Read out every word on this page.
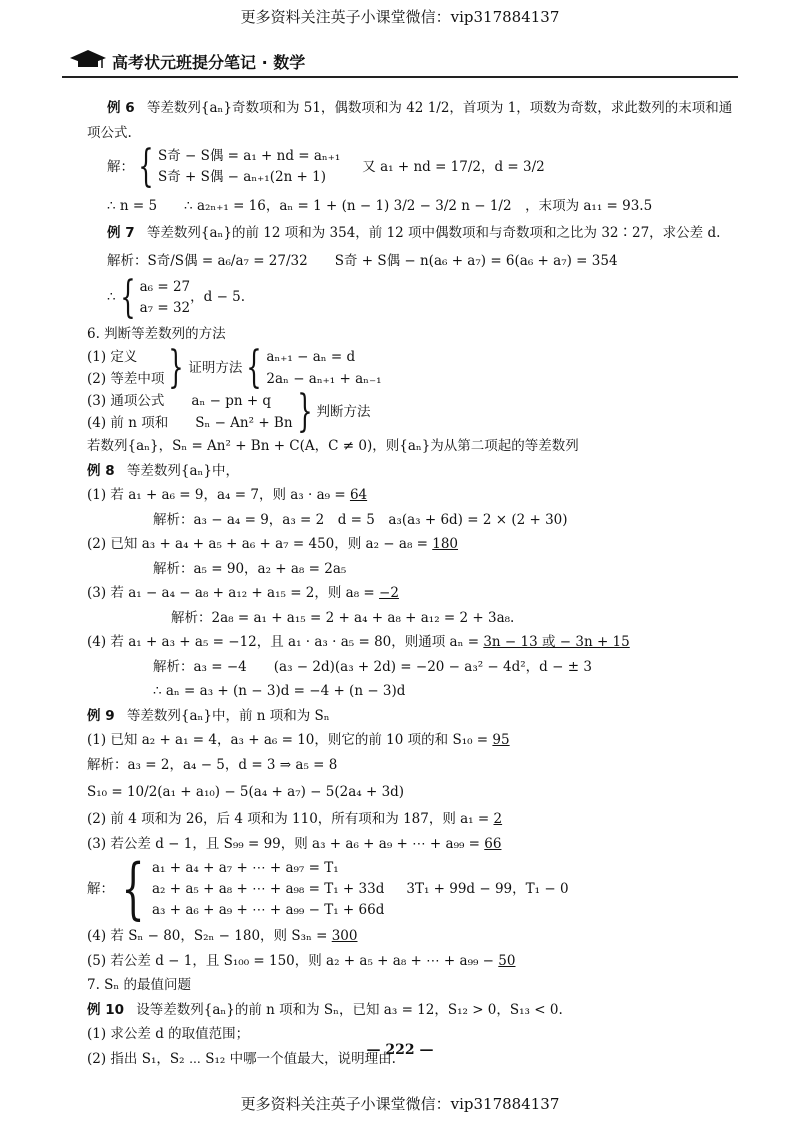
更多资料关注英子小课堂微信：vip317884137
高考状元班提分笔记 · 数学
例 6 等差数列{aₙ}奇数项和为 51，偶数项和为 42 1/2，首项为 1，项数为奇数，求此数列的末项和通
项公式.
解： { S奇 − S偶 = a₁ + nd = aₙ₊₁
S奇 + S偶 − aₙ₊₁(2n + 1)
又 a₁ + nd = 17/2，d = 3/2
∴ n = 5　　∴ a₂ₙ₊₁ = 16，aₙ = 1 + (n − 1) 3/2 − 3/2 n − 1/2　，末项为 a₁₁ = 93.5
例 7 等差数列{aₙ}的前 12 项和为 354，前 12 项中偶数项和与奇数项和之比为 32∶27，求公差 d.
解析：S奇/S偶 = a₆/a₇ = 27/32　　S奇 + S偶 − n(a₆ + a₇) = 6(a₆ + a₇) = 354
∴ { a₆ = 27
a₇ = 32
，d − 5.
6. 判断等差数列的方法
(1) 定义
(2) 等差中项 } 证明方法 { aₙ₊₁ − aₙ = d
2aₙ − aₙ₊₁ + aₙ₋₁
(3) 通项公式　　aₙ − pn + q
(4) 前 n 项和　　Sₙ − An² + Bn } 判断方法
若数列{aₙ}，Sₙ = An² + Bn + C(A，C ≠ 0)，则{aₙ}为从第二项起的等差数列
例 8 等差数列{aₙ}中，
(1) 若 a₁ + a₆ = 9，a₄ = 7，则 a₃ · a₉ = 64
解析：a₃ − a₄ = 9，a₃ = 2　d = 5　a₃(a₃ + 6d) = 2 × (2 + 30)
(2) 已知 a₃ + a₄ + a₅ + a₆ + a₇ = 450，则 a₂ − a₈ = 180
解析：a₅ = 90，a₂ + a₈ = 2a₅
(3) 若 a₁ − a₄ − a₈ + a₁₂ + a₁₅ = 2，则 a₈ = −2
解析：2a₈ = a₁ + a₁₅ = 2 + a₄ + a₈ + a₁₂ = 2 + 3a₈.
(4) 若 a₁ + a₃ + a₅ = −12，且 a₁ · a₃ · a₅ = 80，则通项 aₙ = 3n − 13 或 − 3n + 15
解析：a₃ = −4　　(a₃ − 2d)(a₃ + 2d) = −20 − a₃² − 4d²，d − ± 3
∴ aₙ = a₃ + (n − 3)d = −4 + (n − 3)d
例 9 等差数列{aₙ}中，前 n 项和为 Sₙ
(1) 已知 a₂ + a₁ = 4，a₃ + a₆ = 10，则它的前 10 项的和 S₁₀ = 95
解析：a₃ = 2，a₄ − 5，d = 3 ⇒ a₅ = 8
S₁₀ = 10/2(a₁ + a₁₀) − 5(a₄ + a₇) − 5(2a₄ + 3d)
(2) 前 4 项和为 26，后 4 项和为 110，所有项和为 187，则 a₁ = 2
(3) 若公差 d − 1，且 S₉₉ = 99，则 a₃ + a₆ + a₉ + ⋯ + a₉₉ = 66
解： { a₁ + a₄ + a₇ + ⋯ + a₉₇ = T₁
a₂ + a₅ + a₈ + ⋯ + a₉₈ = T₁ + 33d 3T₁ + 99d − 99，T₁ − 0
a₃ + a₆ + a₉ + ⋯ + a₉₉ − T₁ + 66d
(4) 若 Sₙ − 80，S₂ₙ − 180，则 S₃ₙ = 300
(5) 若公差 d − 1，且 S₁₀₀ = 150，则 a₂ + a₅ + a₈ + ⋯ + a₉₉ − 50
7. Sₙ 的最值问题
例 10 设等差数列{aₙ}的前 n 项和为 Sₙ，已知 a₃ = 12，S₁₂ > 0，S₁₃ < 0.
(1) 求公差 d 的取值范围；
(2) 指出 S₁，S₂ ⋯ S₁₂ 中哪一个值最大，说明理由.
— 222 —
更多资料关注英子小课堂微信：vip317884137
